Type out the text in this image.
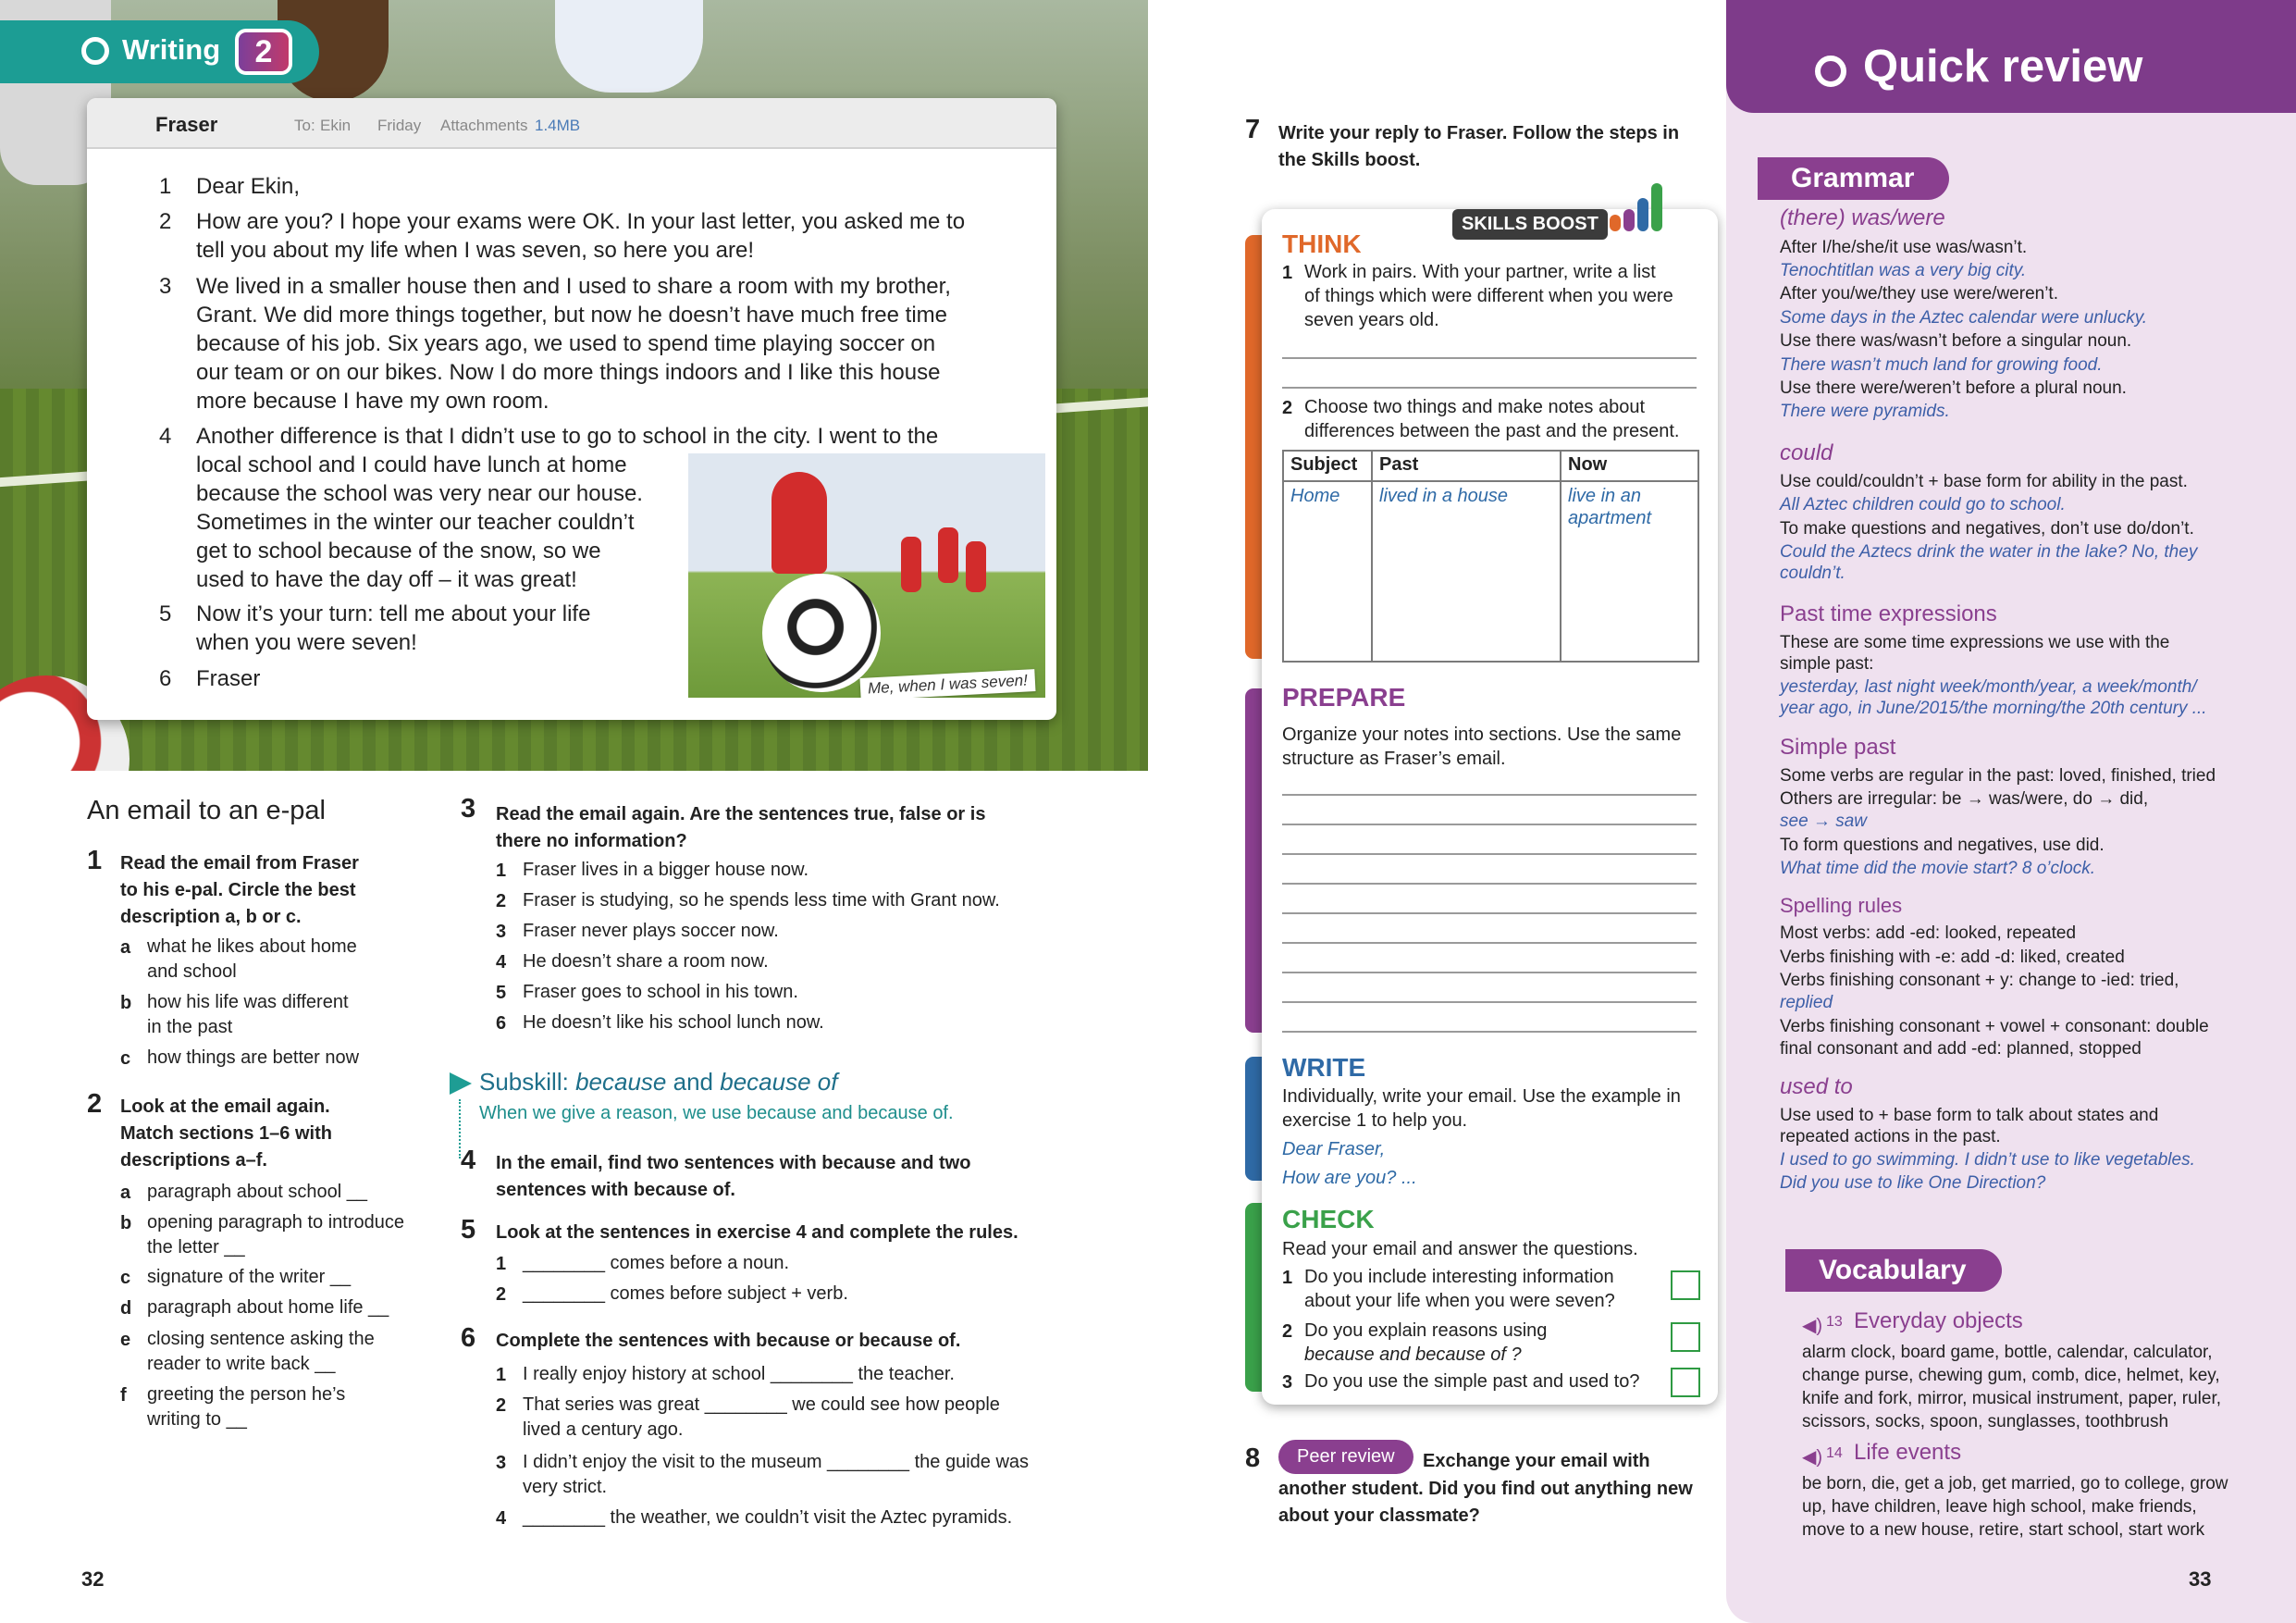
Writing	2
Fraser	To: Ekin Friday Attachments 1.4MB
1 Dear Ekin,
2 How are you? I hope your exams were OK. In your last letter, you asked me to
tell you about my life when I was seven, so here you are!
3 We lived in a smaller house then and I used to share a room with my brother,
Grant. We did more things together, but now he doesn’t have much free time
because of his job. Six years ago, we used to spend time playing soccer on
our team or on our bikes. Now I do more things indoors and I like this house
more because I have my own room.
4 Another difference is that I didn’t use to go to school in the city. I went to the
local school and I could have lunch at home
because the school was very near our house.
Sometimes in the winter our teacher couldn’t
get to school because of the snow, so we
used to have the day off – it was great!
5 Now it’s your turn: tell me about your life
when you were seven!
6 Fraser	Me, when I was seven!
An email to an e-pal
1 Read the email from Fraser
to his e-pal. Circle the best
description a, b or c.
a what he likes about home
and school
b how his life was different
in the past
c how things are better now
2 Look at the email again.
Match sections 1–6 with
descriptions a–f.
a paragraph about school __
b opening paragraph to introduce
the letter __
c signature of the writer __
d paragraph about home life __
e closing sentence asking the
reader to write back __
f greeting the person he’s
writing to __
3 Read the email again. Are the sentences true, false or is
there no information?
1 Fraser lives in a bigger house now.
2 Fraser is studying, so he spends less time with Grant now.
3 Fraser never plays soccer now.
4 He doesn’t share a room now.
5 Fraser goes to school in his town.
6 He doesn’t like his school lunch now.
Subskill: because and because of
When we give a reason, we use because and because of.
4 In the email, find two sentences with because and two
sentences with because of.
5 Look at the sentences in exercise 4 and complete the rules.
1 ________ comes before a noun.
2 ________ comes before subject + verb.
6 Complete the sentences with because or because of.
1 I really enjoy history at school ________ the teacher.
2 That series was great ________ we could see how people
lived a century ago.
3 I didn’t enjoy the visit to the museum ________ the guide was
very strict.
4 ________ the weather, we couldn’t visit the Aztec pyramids.
32
7 Write your reply to Fraser. Follow the steps in
the Skills boost.
SKILLS BOOST
THINK
1 Work in pairs. With your partner, write a list
of things which were different when you were
seven years old.
2 Choose two things and make notes about
differences between the past and the present.
Subject	Past	Now
Home	lived in a house	live in an apartment
PREPARE
Organize your notes into sections. Use the same
structure as Fraser’s email.
WRITE
Individually, write your email. Use the example in
exercise 1 to help you.
Dear Fraser,
How are you? ...
CHECK
Read your email and answer the questions.
1 Do you include interesting information
about your life when you were seven?
2 Do you explain reasons using
because and because of ?
3 Do you use the simple past and used to?
8	Peer review	Exchange your email with
another student. Did you find out anything new
about your classmate?
Quick review
Grammar
(there) was/were
After I/he/she/it use was/wasn’t.
Tenochtitlan was a very big city.
After you/we/they use were/weren’t.
Some days in the Aztec calendar were unlucky.
Use there was/wasn’t before a singular noun.
There wasn’t much land for growing food.
Use there were/weren’t before a plural noun.
There were pyramids.
could
Use could/couldn’t + base form for ability in the past.
All Aztec children could go to school.
To make questions and negatives, don’t use do/don’t.
Could the Aztecs drink the water in the lake? No, they
couldn’t.
Past time expressions
These are some time expressions we use with the
simple past:
yesterday, last night week/month/year, a week/month/
year ago, in June/2015/the morning/the 20th century ...
Simple past
Some verbs are regular in the past: loved, finished, tried
Others are irregular: be → was/were, do → did,
see → saw
To form questions and negatives, use did.
What time did the movie start? 8 o’clock.
Spelling rules
Most verbs: add -ed: looked, repeated
Verbs finishing with -e: add -d: liked, created
Verbs finishing consonant + y: change to -ied: tried,
replied
Verbs finishing consonant + vowel + consonant: double
final consonant and add -ed: planned, stopped
used to
Use used to + base form to talk about states and
repeated actions in the past.
I used to go swimming. I didn’t use to like vegetables.
Did you use to like One Direction?
Vocabulary
◀) 13 Everyday objects
alarm clock, board game, bottle, calendar, calculator,
change purse, chewing gum, comb, dice, helmet, key,
knife and fork, mirror, musical instrument, paper, ruler,
scissors, socks, spoon, sunglasses, toothbrush
◀) 14 Life events
be born, die, get a job, get married, go to college, grow
up, have children, leave high school, make friends,
move to a new house, retire, start school, start work
33
